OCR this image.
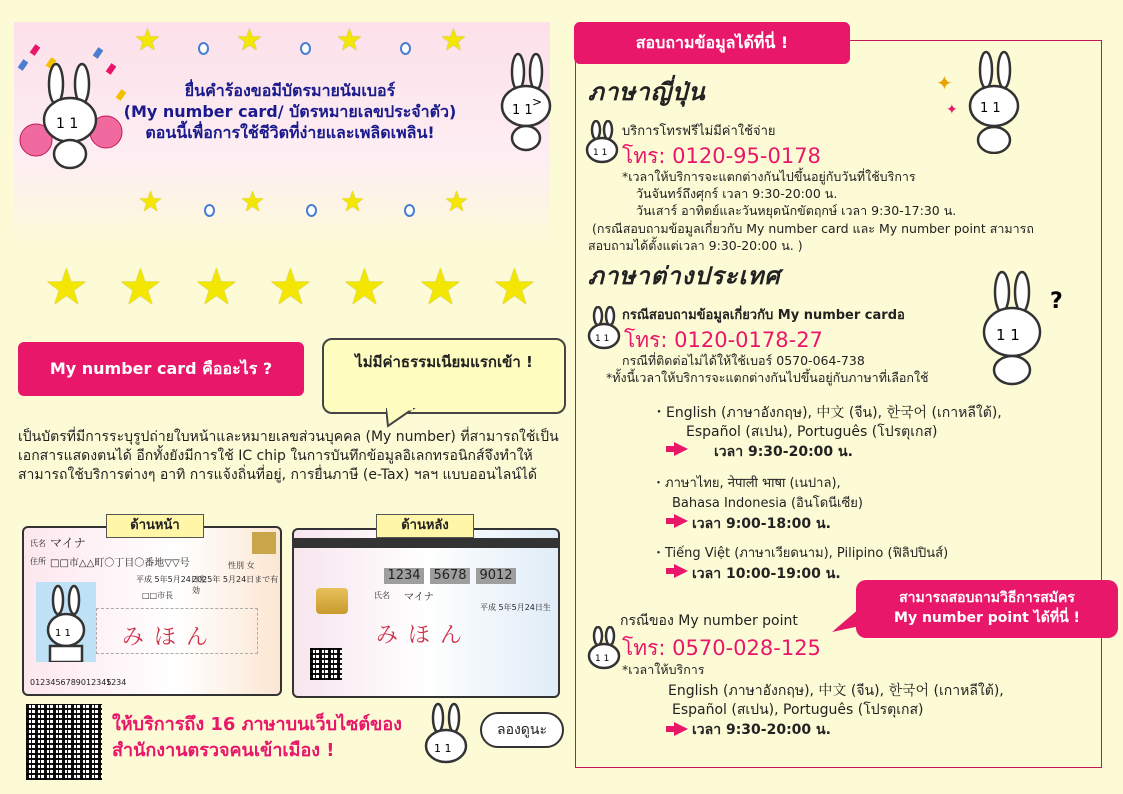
★	★ ★	★
1 1
1 1
>
ยื่นคำร้องขอมีบัตรมายนัมเบอร์
(My number card/ บัตรหมายเลขประจำตัว)
ตอนนี้เพื่อการใช้ชีวิตที่ง่ายและเพลิดเพลิน!
★	★	★	★
★ ★ ★ ★ ★ ★ ★
My number card คืออะไร ?	ไม่มีค่าธรรมเนียมแรกเข้า !
เป็นบัตรที่มีการระบุรูปถ่ายใบหน้าและหมายเลขส่วนบุคคล (My number) ที่สามารถใช้เป็นเอกสารแสดงตนได้ อีกทั้งยังมีการใช้ IC chip ในการบันทึกข้อมูลอิเลกทรอนิกส์จึงทำให้สามารถใช้บริการต่างๆ อาทิ การแจ้งถิ่นที่อยู่, การยื่นภาษี (e-Tax) ฯลฯ แบบออนไลน์ได้
氏名 マイナ
住所 □□市△△町〇丁目〇番地▽▽号
平成 5年5月24日生
2025年 5月24日まで有効
性別 女
1 1
□□市長
みほん
0123456789012345
1234
ด้านหน้า
1234 5678 9012
氏名 マイナ
平成 5年5月24日生
みほん
ด้านหลัง
ให้บริการถึง 16 ภาษาบนเว็บไซต์ของสำนักงานตรวจคนเข้าเมือง !	1 1
ลองดูนะ
สอบถามข้อมูลได้ที่นี่ !
ภาษาญี่ปุ่น	✦
✦ 1 1
1 1
บริการโทรฟรีไม่มีค่าใช้จ่าย
โทร: 0120-95-0178
*เวลาให้บริการจะแตกต่างกันไปขึ้นอยู่กับวันที่ใช้บริการ
วันจันทร์ถึงศุกร์ เวลา 9:30-20:00 น.
วันเสาร์ อาทิตย์และวันหยุดนักขัตฤกษ์ เวลา 9:30-17:30 น.
(กรณีสอบถามข้อมูลเกี่ยวกับ My number card และ My number point สามารถ
สอบถามได้ตั้งแต่เวลา 9:30-20:00 น. )
ภาษาต่างประเทศ
1 1
?
1 1
กรณีสอบถามข้อมูลเกี่ยวกับ My number cardอ
โทร: 0120-0178-27
กรณีที่ติดต่อไม่ได้ให้ใช้เบอร์ 0570-064-738
*ทั้งนี้เวลาให้บริการจะแตกต่างกันไปขึ้นอยู่กับภาษาที่เลือกใช้
・English (ภาษาอังกฤษ), 中文 (จีน), 한국어 (เกาหลีใต้),
Español (สเปน), Português (โปรตุเกส)
เวลา 9:30-20:00 น.
・ภาษาไทย, नेपाली भाषा (เนปาล),
Bahasa Indonesia (อินโดนีเซีย)
เวลา 9:00-18:00 น.
・Tiếng Việt (ภาษาเวียดนาม), Pilipino (ฟิลิปปินส์)
เวลา 10:00-19:00 น.
สามารถสอบถามวิธีการสมัคร
My number point ได้ที่นี่ !
1 1
กรณีของ My number point
โทร: 0570-028-125
*เวลาให้บริการ
English (ภาษาอังกฤษ), 中文 (จีน), 한국어 (เกาหลีใต้),
Español (สเปน), Português (โปรตุเกส)
เวลา 9:30-20:00 น.
